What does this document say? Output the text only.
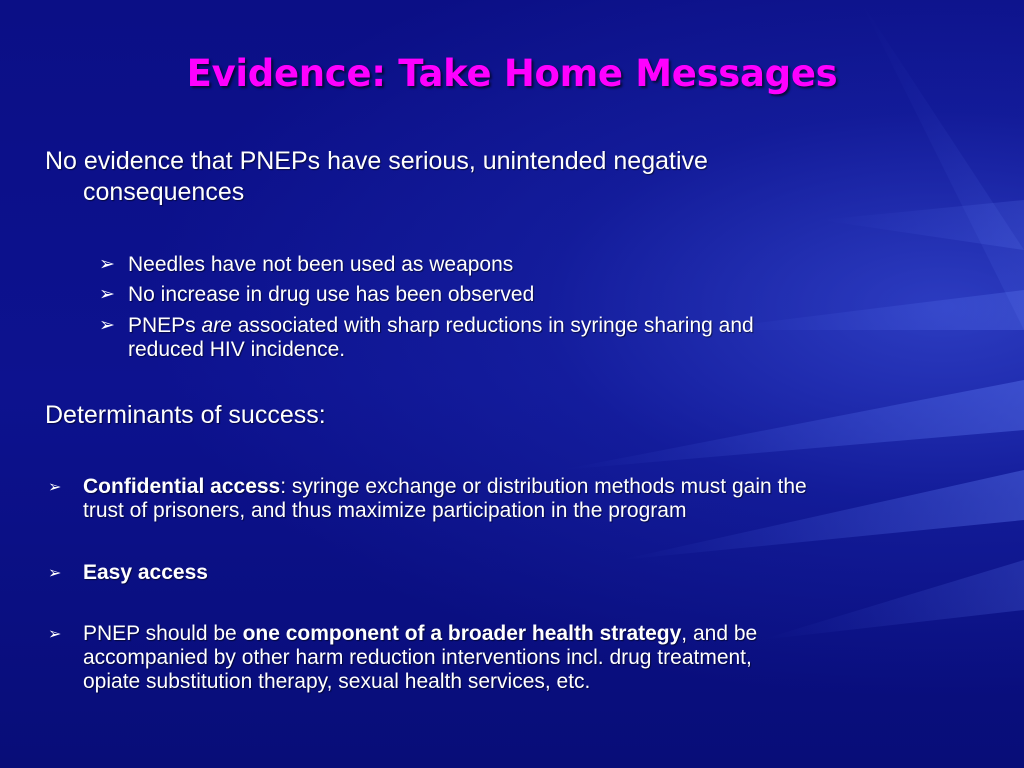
Evidence: Take Home Messages
No evidence that PNEPs have serious, unintended negative
consequences
➢ Needles have not been used as weapons
➢ No increase in drug use has been observed
➢ PNEPs are associated with sharp reductions in syringe sharing and
reduced HIV incidence.
Determinants of success:
➢ Confidential access: syringe exchange or distribution methods must gain the
trust of prisoners, and thus maximize participation in the program
➢ Easy access
➢ PNEP should be one component of a broader health strategy, and be
accompanied by other harm reduction interventions incl. drug treatment,
opiate substitution therapy, sexual health services, etc.
